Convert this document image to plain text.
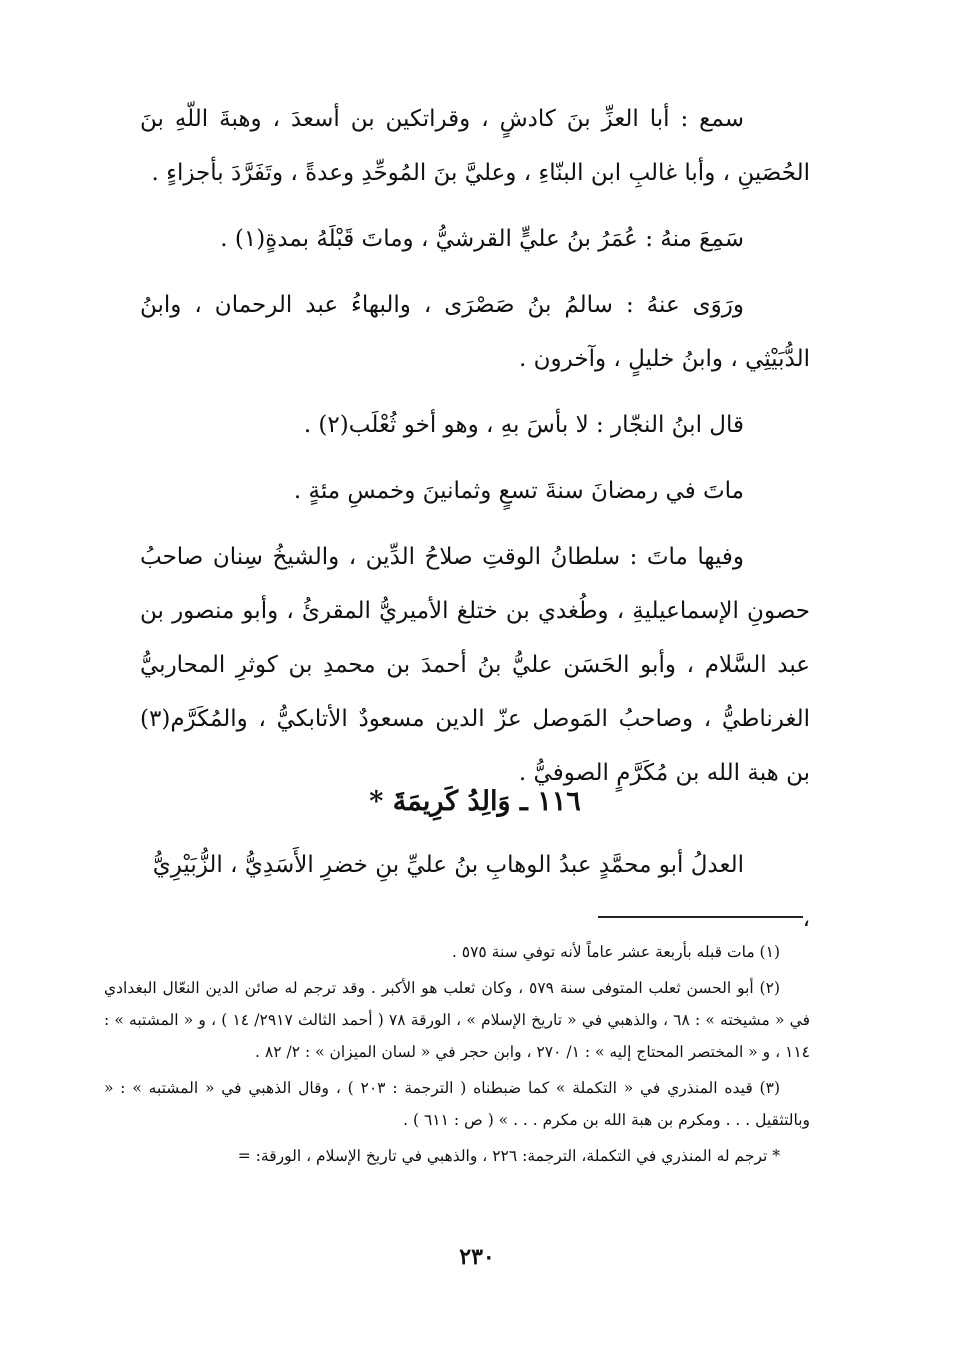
سمع : أبا العزِّ بنَ كادشٍ ، وقراتكين بن أسعدَ ، وهبةَ اللّهِ بنَ الحُصَينِ ، وأبا غالبِ ابن البنّاءِ ، وعليَّ بنَ المُوحِّدِ وعدةً ، وتَفَرَّدَ بأجزاءٍ .

سَمِعَ منهُ : عُمَرُ بنُ عليٍّ القرشيُّ ، وماتَ قَبْلَهُ بمدةٍ(١) .

ورَوَى عنهُ : سالمُ بنُ صَصْرَى ، والبهاءُ عبد الرحمان ، وابنُ الدُّبَيْثِي ، وابنُ خليلٍ ، وآخرون .

قال ابنُ النجّار : لا بأسَ بهِ ، وهو أخو ثُعْلَب(٢) .

ماتَ في رمضانَ سنةَ تسعٍ وثمانينَ وخمسِ مئةٍ .

وفيها ماتَ : سلطانُ الوقتِ صلاحُ الدِّين ، والشيخُ سِنان صاحبُ حصونِ الإسماعيليةِ ، وطُغدي بن ختلغ الأميريُّ المقرئُ ، وأبو منصور بن عبد السَّلام ، وأبو الحَسَن عليُّ بنُ أحمدَ بن محمدِ بن كوثرِ المحاربيُّ الغرناطيُّ ، وصاحبُ المَوصل عزّ الدين مسعودٌ الأتابكيُّ ، والمُكَرَّم(٣) بن هبة الله بن مُكَرَّمٍ الصوفيُّ .

١١٦ ـ وَالِدُ كَرِيمَةَ *
العدلُ أبو محمَّدٍ عبدُ الوهابِ بنُ عليِّ بنِ خضرِ الأَسَدِيُّ ، الزُّبَيْرِيُّ ،

(١) مات قبله بأربعة عشر عاماً لأنه توفي سنة ٥٧٥ .

(٢) أبو الحسن ثعلب المتوفى سنة ٥٧٩ ، وكان ثعلب هو الأكبر . وقد ترجم له صائن الدين النعّال البغدادي في « مشيخته » : ٦٨ ، والذهبي في « تاريخ الإسلام » ، الورقة ٧٨ ( أحمد الثالث ٢٩١٧/ ١٤ ) ، و « المشتبه » : ١١٤ ، و « المختصر المحتاج إليه » : ١/ ٢٧٠ ، وابن حجر في « لسان الميزان » : ٢/ ٨٢ .

(٣) قيده المنذري في « التكملة » كما ضبطناه ( الترجمة : ٢٠٣ ) ، وقال الذهبي في « المشتبه » : « وبالتثقيل . . . ومكرم بن هبة الله بن مكرم . . . » ( ص : ٦١١ ) .

* ترجم له المنذري في التكملة، الترجمة: ٢٢٦ ، والذهبي في تاريخ الإسلام ، الورقة: =

٢٣٠
